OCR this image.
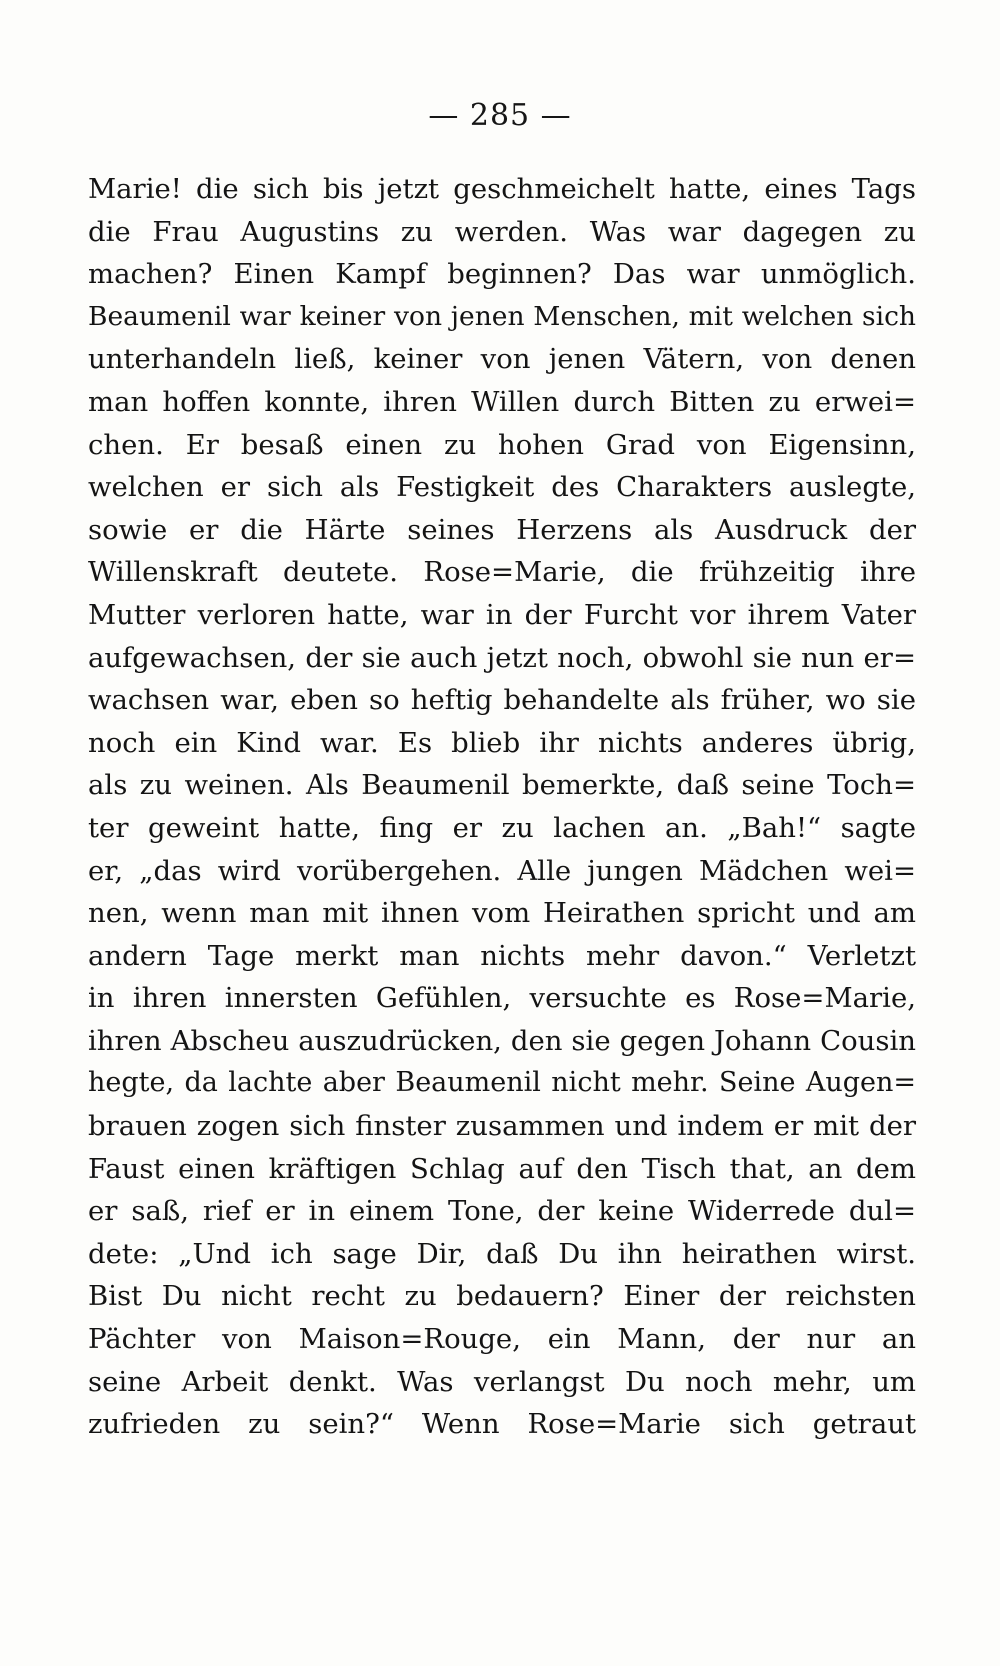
— 285 —
Marie! die sich bis jetzt geschmeichelt hatte, eines Tags
die Frau Augustins zu werden. Was war dagegen zu
machen? Einen Kampf beginnen? Das war unmöglich.
Beaumenil war keiner von jenen Menschen, mit welchen sich
unterhandeln ließ, keiner von jenen Vätern, von denen
man hoffen konnte, ihren Willen durch Bitten zu erwei=
chen. Er besaß einen zu hohen Grad von Eigensinn,
welchen er sich als Festigkeit des Charakters auslegte,
sowie er die Härte seines Herzens als Ausdruck der
Willenskraft deutete. Rose=Marie, die frühzeitig ihre
Mutter verloren hatte, war in der Furcht vor ihrem Vater
aufgewachsen, der sie auch jetzt noch, obwohl sie nun er=
wachsen war, eben so heftig behandelte als früher, wo sie
noch ein Kind war. Es blieb ihr nichts anderes übrig,
als zu weinen. Als Beaumenil bemerkte, daß seine Toch=
ter geweint hatte, fing er zu lachen an. „Bah!“ sagte
er, „das wird vorübergehen. Alle jungen Mädchen wei=
nen, wenn man mit ihnen vom Heirathen spricht und am
andern Tage merkt man nichts mehr davon.“ Verletzt
in ihren innersten Gefühlen, versuchte es Rose=Marie,
ihren Abscheu auszudrücken, den sie gegen Johann Cousin
hegte, da lachte aber Beaumenil nicht mehr. Seine Augen=
brauen zogen sich finster zusammen und indem er mit der
Faust einen kräftigen Schlag auf den Tisch that, an dem
er saß, rief er in einem Tone, der keine Widerrede dul=
dete: „Und ich sage Dir, daß Du ihn heirathen wirst.
Bist Du nicht recht zu bedauern? Einer der reichsten
Pächter von Maison=Rouge, ein Mann, der nur an
seine Arbeit denkt. Was verlangst Du noch mehr, um
zufrieden zu sein?“ Wenn Rose=Marie sich getraut
